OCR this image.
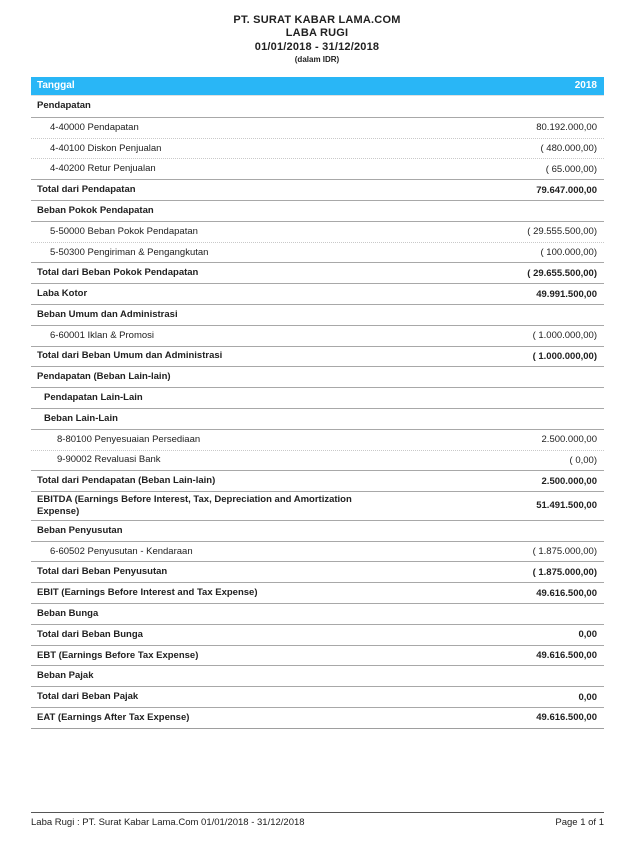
PT. SURAT KABAR LAMA.COM
LABA RUGI
01/01/2018 - 31/12/2018
(dalam IDR)
Tanggal	2018
Pendapatan
4-40000 Pendapatan	80.192.000,00
4-40100 Diskon Penjualan	( 480.000,00)
4-40200 Retur Penjualan	( 65.000,00)
Total dari Pendapatan	79.647.000,00
Beban Pokok Pendapatan
5-50000 Beban Pokok Pendapatan	( 29.555.500,00)
5-50300 Pengiriman & Pengangkutan	( 100.000,00)
Total dari Beban Pokok Pendapatan	( 29.655.500,00)
Laba Kotor	49.991.500,00
Beban Umum dan Administrasi
6-60001 Iklan & Promosi	( 1.000.000,00)
Total dari Beban Umum dan Administrasi	( 1.000.000,00)
Pendapatan (Beban Lain-lain)
Pendapatan Lain-Lain
Beban Lain-Lain
8-80100 Penyesuaian Persediaan	2.500.000,00
9-90002 Revaluasi Bank	( 0,00)
Total dari Pendapatan (Beban Lain-lain)	2.500.000,00
EBITDA (Earnings Before Interest, Tax, Depreciation and Amortization Expense)	51.491.500,00
Beban Penyusutan
6-60502 Penyusutan - Kendaraan	( 1.875.000,00)
Total dari Beban Penyusutan	( 1.875.000,00)
EBIT (Earnings Before Interest and Tax Expense)	49.616.500,00
Beban Bunga
Total dari Beban Bunga	0,00
EBT (Earnings Before Tax Expense)	49.616.500,00
Beban Pajak
Total dari Beban Pajak	0,00
EAT (Earnings After Tax Expense)	49.616.500,00
Laba Rugi : PT. Surat Kabar Lama.Com 01/01/2018 - 31/12/2018	Page 1 of 1
